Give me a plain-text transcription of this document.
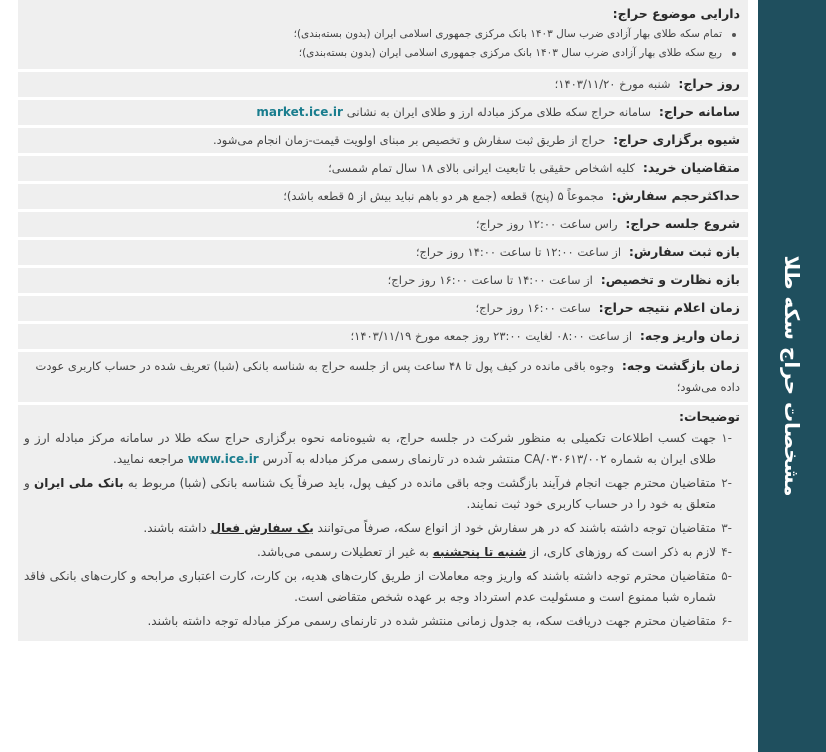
مشخصات حراج سکه طلا
دارایی موضوع حراج:
تمام سکه طلای بهار آزادی ضرب سال ۱۴۰۳ بانک مرکزی جمهوری اسلامی ایران (بدون بسته‌بندی)؛
ربع سکه طلای بهار آزادی ضرب سال ۱۴۰۳ بانک مرکزی جمهوری اسلامی ایران (بدون بسته‌بندی)؛
روز حراج: شنبه مورخ ۱۴۰۳/۱۱/۲۰؛
سامانه حراج: سامانه حراج سکه طلای مرکز مبادله ارز و طلای ایران به نشانی market.ice.ir
شیوه برگزاری حراج: حراج از طریق ثبت سفارش و تخصیص بر مبنای اولویت قیمت-زمان انجام می‌شود.
متقاضیان خرید: کلیه اشخاص حقیقی با تابعیت ایرانی بالای ۱۸ سال تمام شمسی؛
حداکثرحجم سفارش: مجموعاً ۵ (پنج) قطعه (جمع هر دو باهم نباید بیش از ۵ قطعه باشد)؛
شروع جلسه حراج: راس ساعت ۱۲:۰۰ روز حراج؛
بازه ثبت سفارش: از ساعت ۱۲:۰۰ تا ساعت ۱۴:۰۰ روز حراج؛
بازه نظارت و تخصیص: از ساعت ۱۴:۰۰ تا ساعت ۱۶:۰۰ روز حراج؛
زمان اعلام نتیجه حراج: ساعت ۱۶:۰۰ روز حراج؛
زمان واریز وجه: از ساعت ۰۸:۰۰ لغایت ۲۳:۰۰ روز جمعه مورخ ۱۴۰۳/۱۱/۱۹؛
زمان بازگشت وجه: وجوه باقی مانده در کیف پول تا ۴۸ ساعت پس از جلسه حراج به شناسه بانکی (شبا) تعریف شده در حساب کاربری عودت داده می‌شود؛
توضیحات:
-۱
جهت کسب اطلاعات تکمیلی به منظور شرکت در جلسه حراج، به شیوه‌نامه نحوه برگزاری حراج سکه طلا در سامانه مرکز مبادله ارز و طلای ایران به شماره CA/۰۳۰۶۱۳/۰۰۲ منتشر شده در تارنمای رسمی مرکز مبادله به آدرس www.ice.ir مراجعه نمایید.
-۲
متقاضیان محترم جهت انجام فرآیند بازگشت وجه باقی مانده در کیف پول، باید صرفاً یک شناسه بانکی (شبا) مربوط به بانک ملی ایران و متعلق به خود را در حساب کاربری خود ثبت نمایند.
-۳
متقاضیان توجه داشته باشند که در هر سفارش خود از انواع سکه، صرفاً می‌توانند یک سفارش فعال داشته باشند.
-۴
لازم به ذکر است که روزهای کاری، از شنبه تا پنجشنبه به غیر از تعطیلات رسمی می‌باشد.
-۵
متقاضیان محترم توجه داشته باشند که واریز وجه معاملات از طریق کارت‌های هدیه، بن کارت، کارت اعتباری مرابحه و کارت‌های بانکی فاقد شماره شبا ممنوع است و مسئولیت عدم استرداد وجه بر عهده شخص متقاضی است.
-۶
متقاضیان محترم جهت دریافت سکه، به جدول زمانی منتشر شده در تارنمای رسمی مرکز مبادله توجه داشته باشند.
